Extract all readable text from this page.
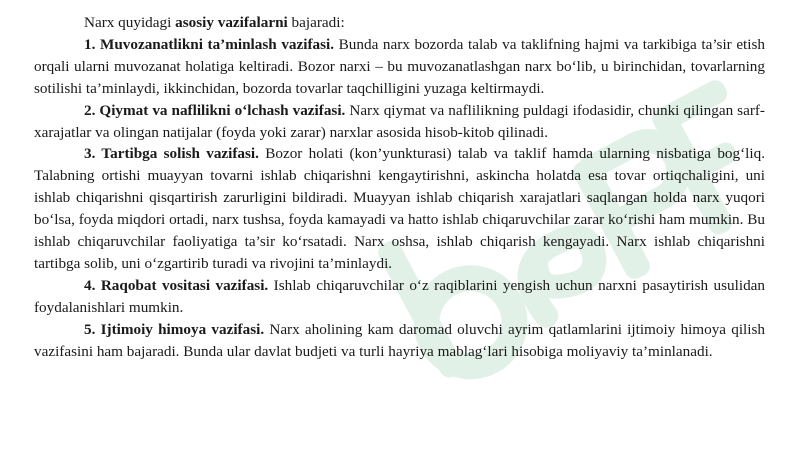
Narx quyidagi asosiy vazifalarni bajaradi:

1. Muvozanatlikni ta’minlash vazifasi. Bunda narx bozorda talab va taklifning hajmi va tarkibiga ta’sir etish orqali ularni muvozanat holatiga keltiradi. Bozor narxi – bu muvozanatlashgan narx bo‘lib, u birinchidan, tovarlarning sotilishi ta’minlaydi, ikkinchidan, bozorda tovarlar taqchilligini yuzaga keltirmaydi.

2. Qiymat va naflilikni o‘lchash vazifasi. Narx qiymat va naflilikning puldagi ifodasidir, chunki qilingan sarf-xarajatlar va olingan natijalar (foyda yoki zarar) narxlar asosida hisob-kitob qilinadi.

3. Tartibga solish vazifasi. Bozor holati (kon’yunkturasi) talab va taklif hamda ularning nisbatiga bog‘liq. Talabning ortishi muayyan tovarni ishlab chiqarishni kengaytirishni, askincha holatda esa tovar ortiqchaligini, uni ishlab chiqarishni qisqartirish zarurligini bildiradi. Muayyan ishlab chiqarish xarajatlari saqlangan holda narx yuqori bo‘lsa, foyda miqdori ortadi, narx tushsa, foyda kamayadi va hatto ishlab chiqaruvchilar zarar ko‘rishi ham mumkin. Bu ishlab chiqaruvchilar faoliyatiga ta’sir ko‘rsatadi. Narx oshsa, ishlab chiqarish kengayadi. Narx ishlab chiqarishni tartibga solib, uni o‘zgartirib turadi va rivojini ta’minlaydi.

4. Raqobat vositasi vazifasi. Ishlab chiqaruvchilar o‘z raqiblarini yengish uchun narxni pasaytirish usulidan foydalanishlari mumkin.

5. Ijtimoiy himoya vazifasi. Narx aholining kam daromad oluvchi ayrim qatlamlarini ijtimoiy himoya qilish vazifasini ham bajaradi. Bunda ular davlat budjeti va turli hayriya mablag‘lari hisobiga moliyaviy ta’minlanadi.
